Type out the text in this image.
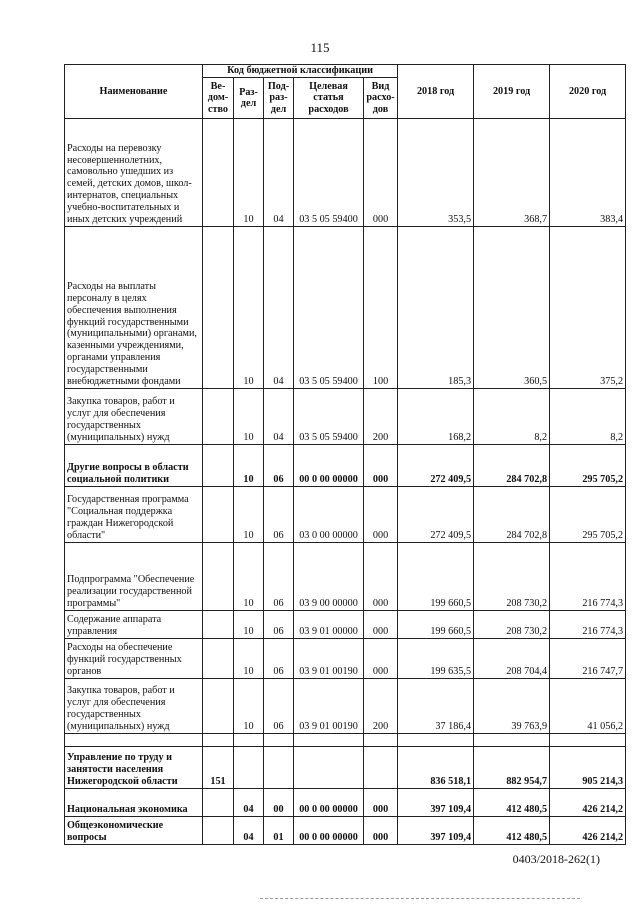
115
Наименование	Код бюджетной классификации					2018 год	2019 год	2020 год
	Ве-дом-ство	Раз-дел	Под-раз-дел	Целевая статья расходов	Вид расхо-дов			
Расходы на перевозку несовершеннолетних, самовольно ушедших из семей, детских домов, школ-интернатов, специальных учебно-воспитательных и иных детских учреждений		10	04	03 5 05 59400	000	353,5	368,7	383,4
Расходы на выплаты персоналу в целях обеспечения выполнения функций государственными (муниципальными) органами, казенными учреждениями, органами управления государственными внебюджетными фондами		10	04	03 5 05 59400	100	185,3	360,5	375,2
Закупка товаров, работ и услуг для обеспечения государственных (муниципальных) нужд		10	04	03 5 05 59400	200	168,2	8,2	8,2
Другие вопросы в области социальной политики		10	06	00 0 00 00000	000	272 409,5	284 702,8	295 705,2
Государственная программа "Социальная поддержка граждан Нижегородской области"		10	06	03 0 00 00000	000	272 409,5	284 702,8	295 705,2
Подпрограмма "Обеспечение реализации государственной программы"		10	06	03 9 00 00000	000	199 660,5	208 730,2	216 774,3
Содержание аппарата управления		10	06	03 9 01 00000	000	199 660,5	208 730,2	216 774,3
Расходы на обеспечение функций государственных органов		10	06	03 9 01 00190	000	199 635,5	208 704,4	216 747,7
Закупка товаров, работ и услуг для обеспечения государственных (муниципальных) нужд		10	06	03 9 01 00190	200	37 186,4	39 763,9	41 056,2

Управление по труду и занятости населения Нижегородской области	151					836 518,1	882 954,7	905 214,3
Национальная экономика		04	00	00 0 00 00000	000	397 109,4	412 480,5	426 214,2
Общеэкономические вопросы		04	01	00 0 00 00000	000	397 109,4	412 480,5	426 214,2
0403/2018-262(1)
